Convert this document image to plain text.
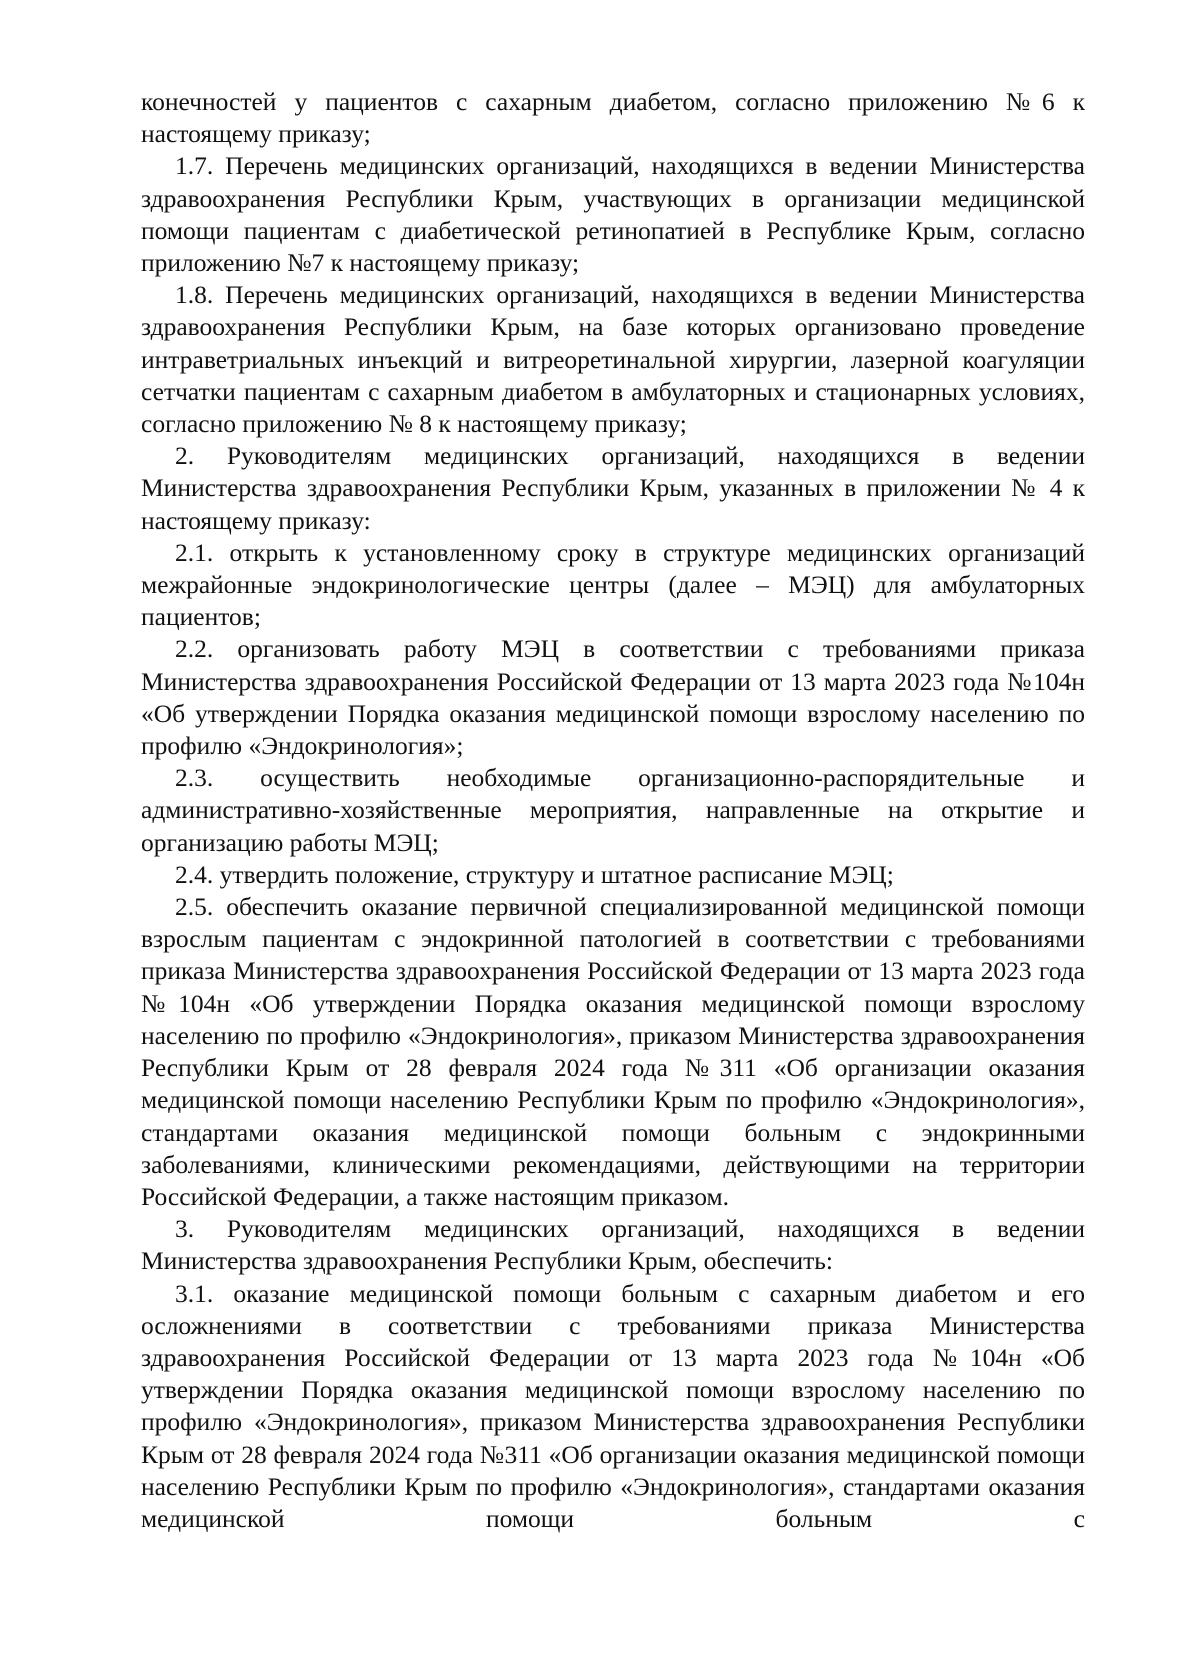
конечностей у пациентов с сахарным диабетом, согласно приложению №6 к настоящему приказу;

1.7. Перечень медицинских организаций, находящихся в ведении Министерства здравоохранения Республики Крым, участвующих в организации медицинской помощи пациентам с диабетической ретинопатией в Республике Крым, согласно приложению №7 к настоящему приказу;

1.8. Перечень медицинских организаций, находящихся в ведении Министерства здравоохранения Республики Крым, на базе которых организовано проведение интраветриальных инъекций и витреоретинальной хирургии, лазерной коагуляции сетчатки пациентам с сахарным диабетом в амбулаторных и стационарных условиях, согласно приложению № 8 к настоящему приказу;

2. Руководителям медицинских организаций, находящихся в ведении Министерства здравоохранения Республики Крым, указанных в приложении № 4 к настоящему приказу:

2.1. открыть к установленному сроку в структуре медицинских организаций межрайонные эндокринологические центры (далее – МЭЦ) для амбулаторных пациентов;

2.2. организовать работу МЭЦ в соответствии с требованиями приказа Министерства здравоохранения Российской Федерации от 13 марта 2023 года №104н «Об утверждении Порядка оказания медицинской помощи взрослому населению по профилю «Эндокринология»;

2.3. осуществить необходимые организационно-распорядительные и административно-хозяйственные мероприятия, направленные на открытие и организацию работы МЭЦ;

2.4. утвердить положение, структуру и штатное расписание МЭЦ;

2.5. обеспечить оказание первичной специализированной медицинской помощи взрослым пациентам с эндокринной патологией в соответствии с требованиями приказа Министерства здравоохранения Российской Федерации от 13 марта 2023 года №104н «Об утверждении Порядка оказания медицинской помощи взрослому населению по профилю «Эндокринология», приказом Министерства здравоохранения Республики Крым от 28 февраля 2024 года №311 «Об организации оказания медицинской помощи населению Республики Крым по профилю «Эндокринология», стандартами оказания медицинской помощи больным с эндокринными заболеваниями, клиническими рекомендациями, действующими на территории Российской Федерации, а также настоящим приказом.

3. Руководителям медицинских организаций, находящихся в ведении Министерства здравоохранения Республики Крым, обеспечить:

3.1. оказание медицинской помощи больным с сахарным диабетом и его осложнениями в соответствии с требованиями приказа Министерства здравоохранения Российской Федерации от 13 марта 2023 года №104н «Об утверждении Порядка оказания медицинской помощи взрослому населению по профилю «Эндокринология», приказом Министерства здравоохранения Республики Крым от 28 февраля 2024 года №311 «Об организации оказания медицинской помощи населению Республики Крым по профилю «Эндокринология», стандартами оказания медицинской помощи больным с
